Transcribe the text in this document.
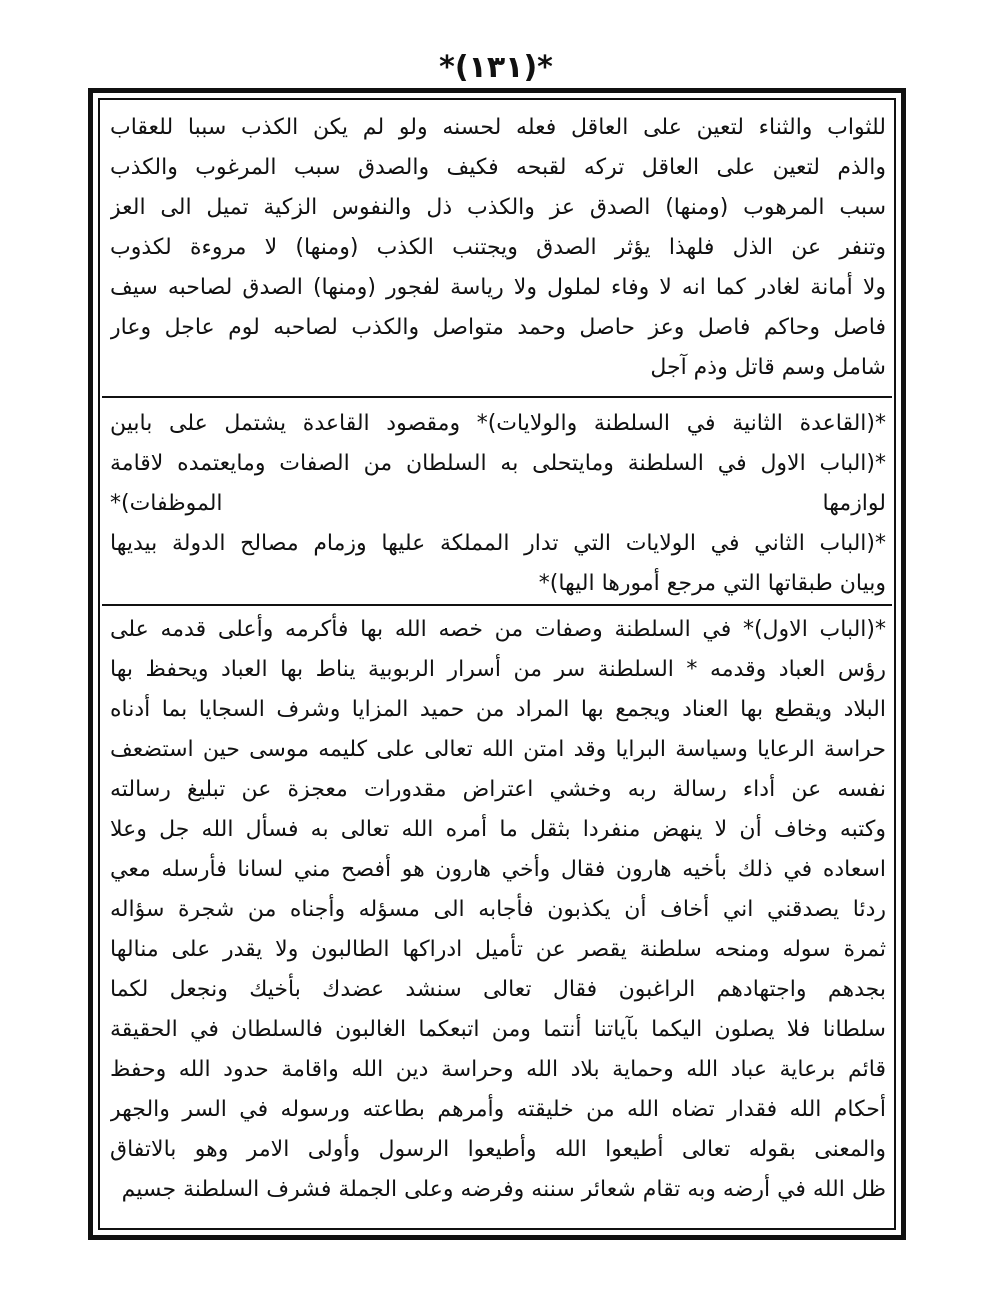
*(١٣١)*
للثواب والثناء لتعين على العاقل فعله لحسنه ولو لم يكن الكذب سببا للعقاب
والذم لتعين على العاقل تركه لقبحه فكيف والصدق سبب المرغوب والكذب
سبب المرهوب (ومنها) الصدق عز والكذب ذل والنفوس الزكية تميل الى العز
وتنفر عن الذل فلهذا يؤثر الصدق ويجتنب الكذب (ومنها) لا مروءة لكذوب
ولا أمانة لغادر كما انه لا وفاء لملول ولا رياسة لفجور (ومنها) الصدق لصاحبه سيف
فاصل وحاكم فاصل وعز حاصل وحمد متواصل والكذب لصاحبه لوم عاجل وعار
شامل وسم قاتل وذم آجل
*(القاعدة الثانية في السلطنة والولايات)* ومقصود القاعدة يشتمل على بابين
*(الباب الاول في السلطنة ومايتحلى به السلطان من الصفات ومايعتمده لاقامة
لوازمها الموظفات)*
*(الباب الثاني في الولايات التي تدار المملكة عليها وزمام مصالح الدولة بيديها
وبيان طبقاتها التي مرجع أمورها اليها)*
*(الباب الاول)* في السلطنة وصفات من خصه الله بها فأكرمه وأعلى قدمه على
رؤس العباد وقدمه * السلطنة سر من أسرار الربوبية يناط بها العباد ويحفظ بها
البلاد ويقطع بها العناد ويجمع بها المراد من حميد المزايا وشرف السجايا بما أدناه
حراسة الرعايا وسياسة البرايا وقد امتن الله تعالى على كليمه موسى حين استضعف
نفسه عن أداء رسالة ربه وخشي اعتراض مقدورات معجزة عن تبليغ رسالته
وكتبه وخاف أن لا ينهض منفردا بثقل ما أمره الله تعالى به فسأل الله جل وعلا
اسعاده في ذلك بأخيه هارون فقال وأخي هارون هو أفصح مني لسانا فأرسله معي
ردئا يصدقني اني أخاف أن يكذبون فأجابه الى مسؤله وأجناه من شجرة سؤاله
ثمرة سوله ومنحه سلطنة يقصر عن تأميل ادراكها الطالبون ولا يقدر على منالها
بجدهم واجتهادهم الراغبون فقال تعالى سنشد عضدك بأخيك ونجعل لكما
سلطانا فلا يصلون اليكما بآياتنا أنتما ومن اتبعكما الغالبون فالسلطان في الحقيقة
قائم برعاية عباد الله وحماية بلاد الله وحراسة دين الله واقامة حدود الله وحفظ
أحكام الله فقدار تضاه الله من خليقته وأمرهم بطاعته ورسوله في السر والجهر
والمعنى بقوله تعالى أطيعوا الله وأطيعوا الرسول وأولى الامر وهو بالاتفاق
ظل الله في أرضه وبه تقام شعائر سننه وفرضه وعلى الجملة فشرف السلطنة جسيم
